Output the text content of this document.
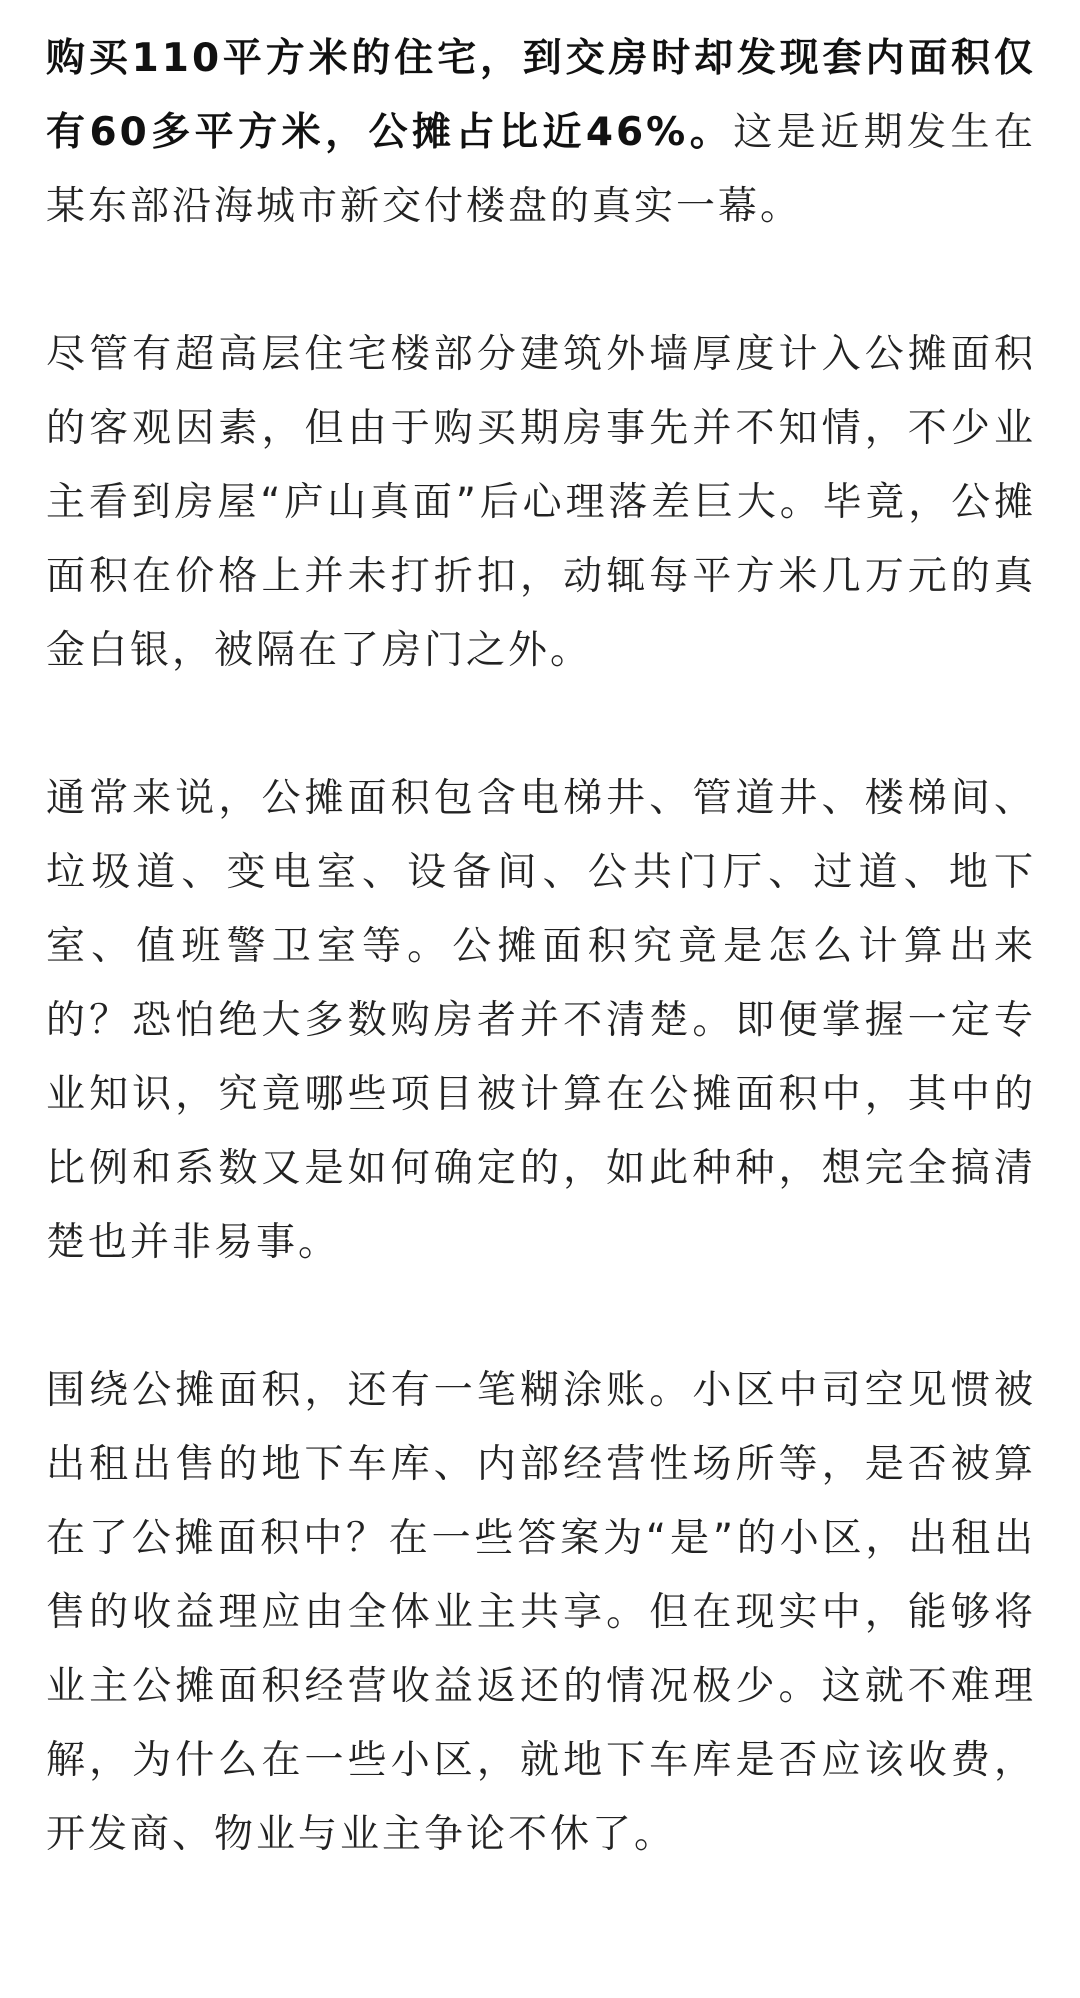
购买110平方米的住宅，到交房时却发现套内面积仅有60多平方米，公摊占比近46%。这是近期发生在某东部沿海城市新交付楼盘的真实一幕。

尽管有超高层住宅楼部分建筑外墙厚度计入公摊面积的客观因素，但由于购买期房事先并不知情，不少业主看到房屋“庐山真面”后心理落差巨大。毕竟，公摊面积在价格上并未打折扣，动辄每平方米几万元的真金白银，被隔在了房门之外。

通常来说，公摊面积包含电梯井、管道井、楼梯间、垃圾道、变电室、设备间、公共门厅、过道、地下室、值班警卫室等。公摊面积究竟是怎么计算出来的？恐怕绝大多数购房者并不清楚。即便掌握一定专业知识，究竟哪些项目被计算在公摊面积中，其中的比例和系数又是如何确定的，如此种种，想完全搞清楚也并非易事。

围绕公摊面积，还有一笔糊涂账。小区中司空见惯被出租出售的地下车库、内部经营性场所等，是否被算在了公摊面积中？在一些答案为“是”的小区，出租出售的收益理应由全体业主共享。但在现实中，能够将业主公摊面积经营收益返还的情况极少。这就不难理解，为什么在一些小区，就地下车库是否应该收费，开发商、物业与业主争论不休了。
